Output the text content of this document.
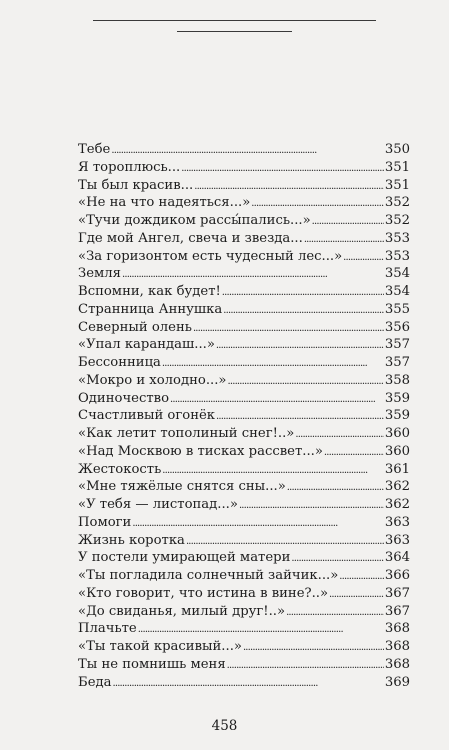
Тебе . . .	350
Я тороплюсь... . . .	351
Ты был красив... . . .	351
«Не на что надеяться...» . . .	352
«Тучи дождиком рассы́пались...» . . .	352
Где мой Ангел, свеча и звезда... . . .	353
«За горизонтом есть чудесный лес...» . . .	353
Земля . . .	354
Вспомни, как будет! . . .	354
Странница Аннушка . . .	355
Северный олень . . .	356
«Упал карандаш...» . . .	357
Бессонница . . .	357
«Мокро и холодно...» . . .	358
Одиночество . . .	359
Счастливый огонёк . . .	359
«Как летит тополиный снег!..» . . .	360
«Над Москвою в тисках рассвет...» . . .	360
Жестокость . . .	361
«Мне тяжёлые снятся сны...» . . .	362
«У тебя — листопад...» . . .	362
Помоги . . .	363
Жизнь коротка . . .	363
У постели умирающей матери . . .	364
«Ты погладила солнечный зайчик...» . . .	366
«Кто говорит, что истина в вине?..» . . .	367
«До свиданья, милый друг!..» . . .	367
Плачьте . . .	368
«Ты такой красивый...» . . .	368
Ты не помнишь меня . . .	368
Беда . . .	369
458
